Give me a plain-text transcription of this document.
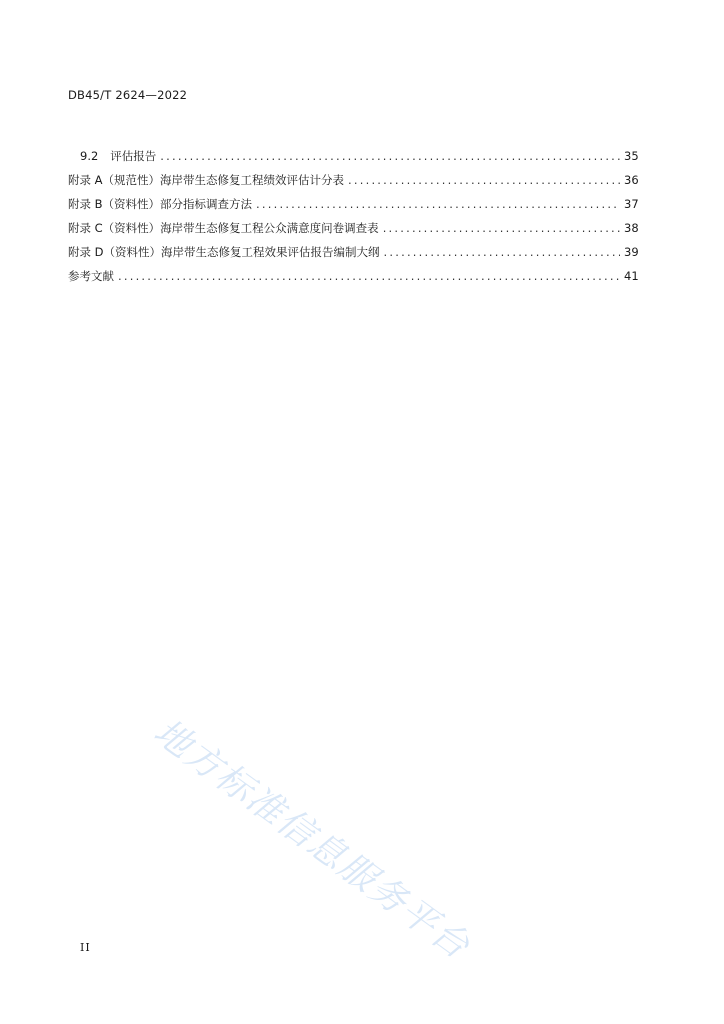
DB45/T 2624—2022
9.2 评估报告 .....	35
附录 A（规范性） 海岸带生态修复工程绩效评估计分表 .....	36
附录 B（资料性） 部分指标调查方法 .....	37
附录 C（资料性） 海岸带生态修复工程公众满意度问卷调查表 .....	38
附录 D（资料性） 海岸带生态修复工程效果评估报告编制大纲 .....	39
参考文献 .....	41
地方标准信息服务平台
II
